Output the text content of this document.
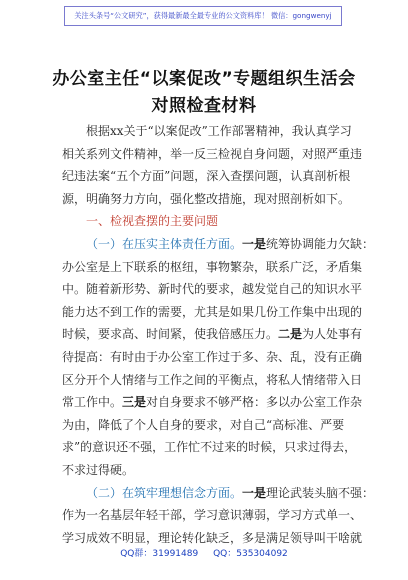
关注头条号“公文研究”，获得最新最全最专业的公文资料库！ 微信：gongwenyj
办公室主任“以案促改”专题组织生活会
对照检查材料
根据xx关于“以案促改”工作部署精神，我认真学习
相关系列文件精神，举一反三检视自身问题，对照严重违
纪违法案“五个方面”问题，深入查摆问题，认真剖析根
源，明确努力方向，强化整改措施，现对照剖析如下。
一、检视查摆的主要问题
（一）在压实主体责任方面。一是统筹协调能力欠缺：
办公室是上下联系的枢纽，事物繁杂，联系广泛，矛盾集
中。随着新形势、新时代的要求，越发觉自己的知识水平
能力达不到工作的需要，尤其是如果几份工作集中出现的
时候，要求高、时间紧，使我倍感压力。二是为人处事有
待提高：有时由于办公室工作过于多、杂、乱，没有正确
区分开个人情绪与工作之间的平衡点，将私人情绪带入日
常工作中。三是对自身要求不够严格：多以办公室工作杂
为由，降低了个人自身的要求，对自己“高标准、严要
求”的意识还不强，工作忙不过来的时候，只求过得去，
不求过得硬。
（二）在筑牢理想信念方面。一是理论武装头脑不强：
作为一名基层年轻干部，学习意识薄弱，学习方式单一、
学习成效不明显，理论转化缺乏，多是满足领导叫干啥就
QQ群：31991489 QQ：535304092
